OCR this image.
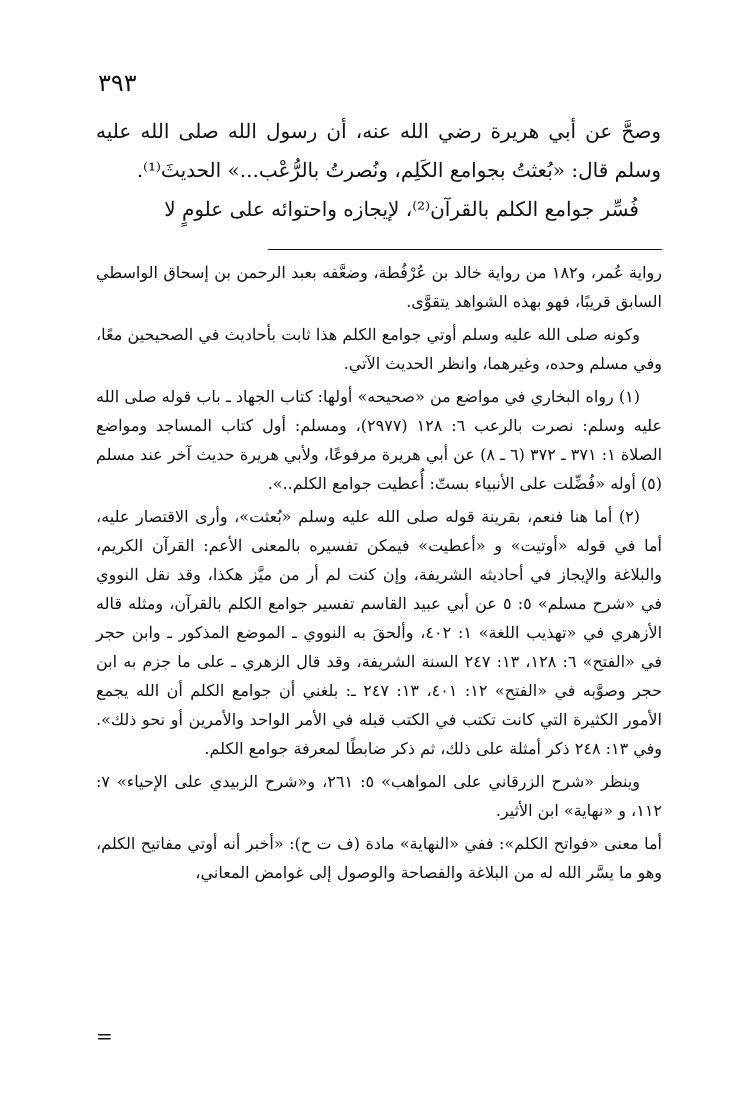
٣٩٣

وصحَّ عن أبي هريرة رضي الله عنه، أن رسول الله صلى الله عليه وسلم قال: «بُعثتُ بجوامع الكَلِم، ونُصرتُ بالرُّعْب...» الحديثَ⁽¹⁾.

فُسِّر جوامع الكلم بالقرآن⁽²⁾، لإيجازه واحتوائه على علومٍ لا

رواية عُمر، و١٨٢ من رواية خالد بن عُرْفُطة، وضعَّفه بعبد الرحمن بن إسحاق الواسطي السابق قريبًا، فهو بهذه الشواهد يتقوَّى.

وكونه صلى الله عليه وسلم أوتي جوامع الكلم هذا ثابت بأحاديث في الصحيحين معًا، وفي مسلم وحده، وغيرهما، وانظر الحديث الآتي.

(١) رواه البخاري في مواضع من «صحيحه» أولها: كتاب الجهاد ـ باب قوله صلى الله عليه وسلم: نصرت بالرعب ٦: ١٢٨ (٢٩٧٧)، ومسلم: أول كتاب المساجد ومواضع الصلاة ١: ٣٧١ ـ ٣٧٢ (٦ ـ ٨) عن أبي هريرة مرفوعًا، ولأبي هريرة حديث آخر عند مسلم (٥) أوله «فُضِّلت على الأنبياء بستّ: أُعطيت جوامع الكلم..».

(٢) أما هنا فنعم، بقرينة قوله صلى الله عليه وسلم «بُعثت»، وأرى الاقتصار عليه، أما في قوله «أوتيت» و «أعطيت» فيمكن تفسيره بالمعنى الأعم: القرآن الكريم، والبلاغة والإيجاز في أحاديثه الشريفة، وإن كنت لم أر من ميَّز هكذا، وقد نقل النووي في «شرح مسلم» ٥: ٥ عن أبي عبيد القاسم تفسير جوامع الكلم بالقرآن، ومثله قاله الأزهري في «تهذيب اللغة» ١: ٤٠٢، وألحقَ به النووي ـ الموضع المذكور ـ وابن حجر في «الفتح» ٦: ١٢٨، ١٣: ٢٤٧ السنة الشريفة، وقد قال الزهري ـ على ما جزم به ابن حجر وصوَّبه في «الفتح» ١٢: ٤٠١، ١٣: ٢٤٧ ـ: بلغني أن جوامع الكلم أن الله يجمع الأمور الكثيرة التي كانت تكتب في الكتب قبله في الأمر الواحد والأمرين أو نحو ذلك». وفي ١٣: ٢٤٨ ذكر أمثلة على ذلك، ثم ذكر ضابطًا لمعرفة جوامع الكلم.

وينظر «شرح الزرقاني على المواهب» ٥: ٢٦١، و«شرح الزبيدي على الإحياء» ٧: ١١٢، و «نهاية» ابن الأثير.

أما معنى «فواتح الكلم»: ففي «النهاية» مادة (ف ت ح): «أخبر أنه أوتي مفاتيح الكلم، وهو ما يسَّر الله له من البلاغة والفصاحة والوصول إلى غوامض المعاني،

=
